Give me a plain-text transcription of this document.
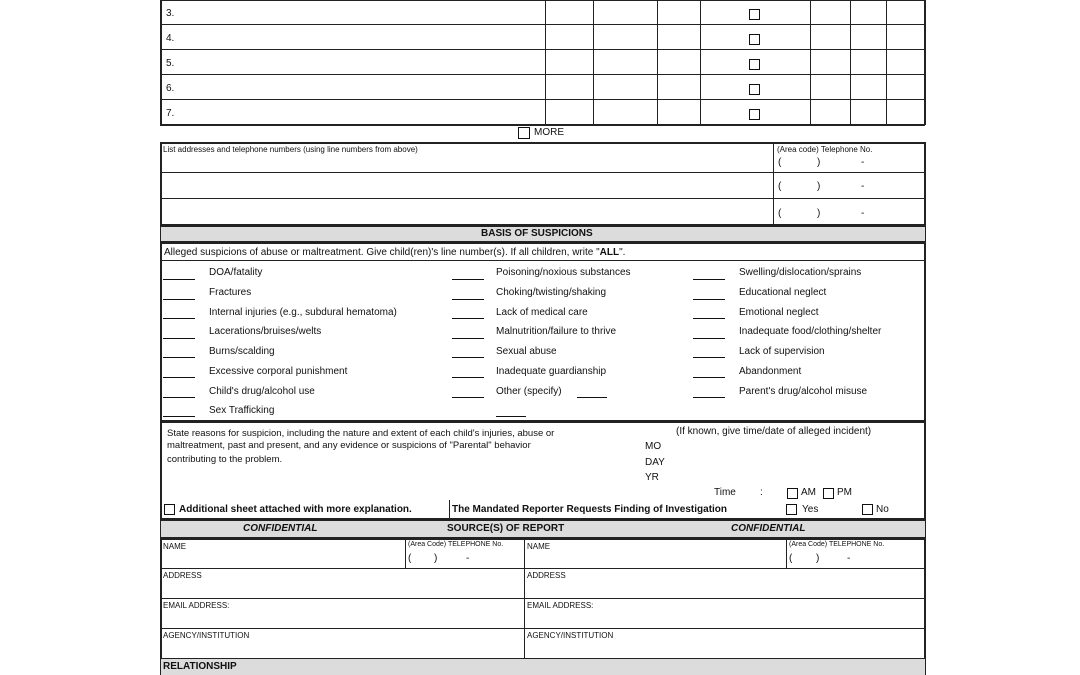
3.
4.
5.
6.
7.
MORE
List addresses and telephone numbers (using line numbers from above)	(Area code) Telephone No.
(	)	-
(	)	-
(	)	-
BASIS OF SUSPICIONS
Alleged suspicions of abuse or maltreatment. Give child(ren)'s line number(s). If all children, write "ALL".
DOA/fatality
Fractures
Internal injuries (e.g., subdural hematoma)
Lacerations/bruises/welts
Burns/scalding
Excessive corporal punishment
Child's drug/alcohol use
Sex Trafficking
Poisoning/noxious substances
Choking/twisting/shaking
Lack of medical care
Malnutrition/failure to thrive
Sexual abuse
Inadequate guardianship
Other (specify)
Swelling/dislocation/sprains
Educational neglect
Emotional neglect
Inadequate food/clothing/shelter
Lack of supervision
Abandonment
Parent's drug/alcohol misuse
State reasons for suspicion, including the nature and extent of each child's injuries, abuse or
maltreatment, past and present, and any evidence or suspicions of "Parental" behavior
contributing to the problem.
(If known, give time/date of alleged incident)
MO
DAY
YR
Time :	AM PM
Additional sheet attached with more explanation.	The Mandated Reporter Requests Finding of Investigation	Yes	No
CONFIDENTIAL	SOURCE(S) OF REPORT	CONFIDENTIAL
NAME	(Area Code) TELEPHONE No.
( )	-
NAME	(Area Code) TELEPHONE No.
( )	-
ADDRESS	ADDRESS
EMAIL ADDRESS:	EMAIL ADDRESS:
AGENCY/INSTITUTION	AGENCY/INSTITUTION
RELATIONSHIP
